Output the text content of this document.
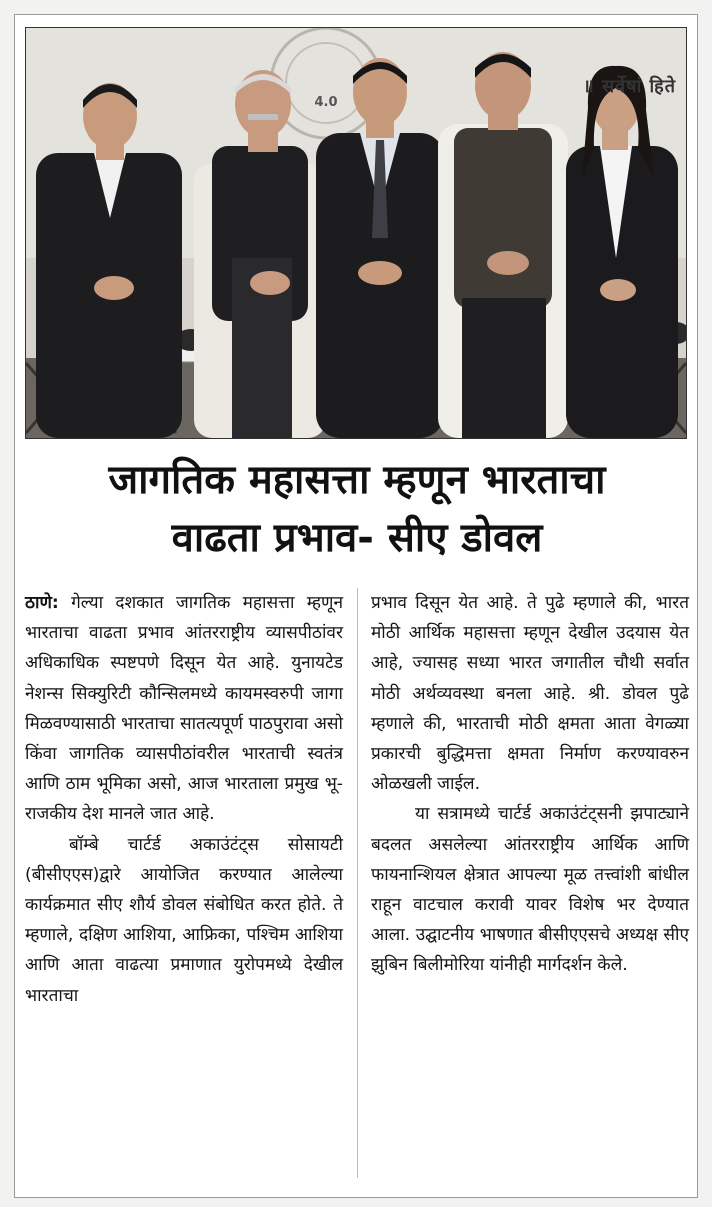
4.0
॥ सर्वेषां हिते
जागतिक महासत्ता म्हणून भारताचा
वाढता प्रभाव- सीए डोवल

ठाणे: गेल्या दशकात जागतिक महासत्ता म्हणून भारताचा वाढता प्रभाव आंतरराष्ट्रीय व्यासपीठांवर अधिकाधिक स्पष्टपणे दिसून येत आहे. युनायटेड नेशन्स सिक्युरिटी कौन्सिलमध्ये कायमस्वरुपी जागा मिळवण्यासाठी भारताचा सातत्यपूर्ण पाठपुरावा असो किंवा जागतिक व्यासपीठांवरील भारताची स्वतंत्र आणि ठाम भूमिका असो, आज भारताला प्रमुख भू-राजकीय देश मानले जात आहे.

बॉम्बे चार्टर्ड अकाउंटंट्स सोसायटी (बीसीएएस)द्वारे आयोजित करण्यात आलेल्या कार्यक्रमात सीए शौर्य डोवल संबोधित करत होते. ते म्हणाले, दक्षिण आशिया, आफ्रिका, पश्चिम आशिया आणि आता वाढत्या प्रमाणात युरोपमध्ये देखील भारताचा

प्रभाव दिसून येत आहे. ते पुढे म्हणाले की, भारत मोठी आर्थिक महासत्ता म्हणून देखील उदयास येत आहे, ज्यासह सध्या भारत जगातील चौथी सर्वात मोठी अर्थव्यवस्था बनला आहे. श्री. डोवल पुढे म्हणाले की, भारताची मोठी क्षमता आता वेगळ्या प्रकारची बुद्धिमत्ता क्षमता निर्माण करण्यावरुन ओळखली जाईल.

या सत्रामध्ये चार्टर्ड अकाउंटंट्सनी झपाट्याने बदलत असलेल्या आंतरराष्ट्रीय आर्थिक आणि फायनान्शियल क्षेत्रात आपल्या मूळ तत्त्वांशी बांधील राहून वाटचाल करावी यावर विशेष भर देण्यात आला. उद्घाटनीय भाषणात बीसीएएसचे अध्यक्ष सीए झुबिन बिलीमोरिया यांनीही मार्गदर्शन केले.
